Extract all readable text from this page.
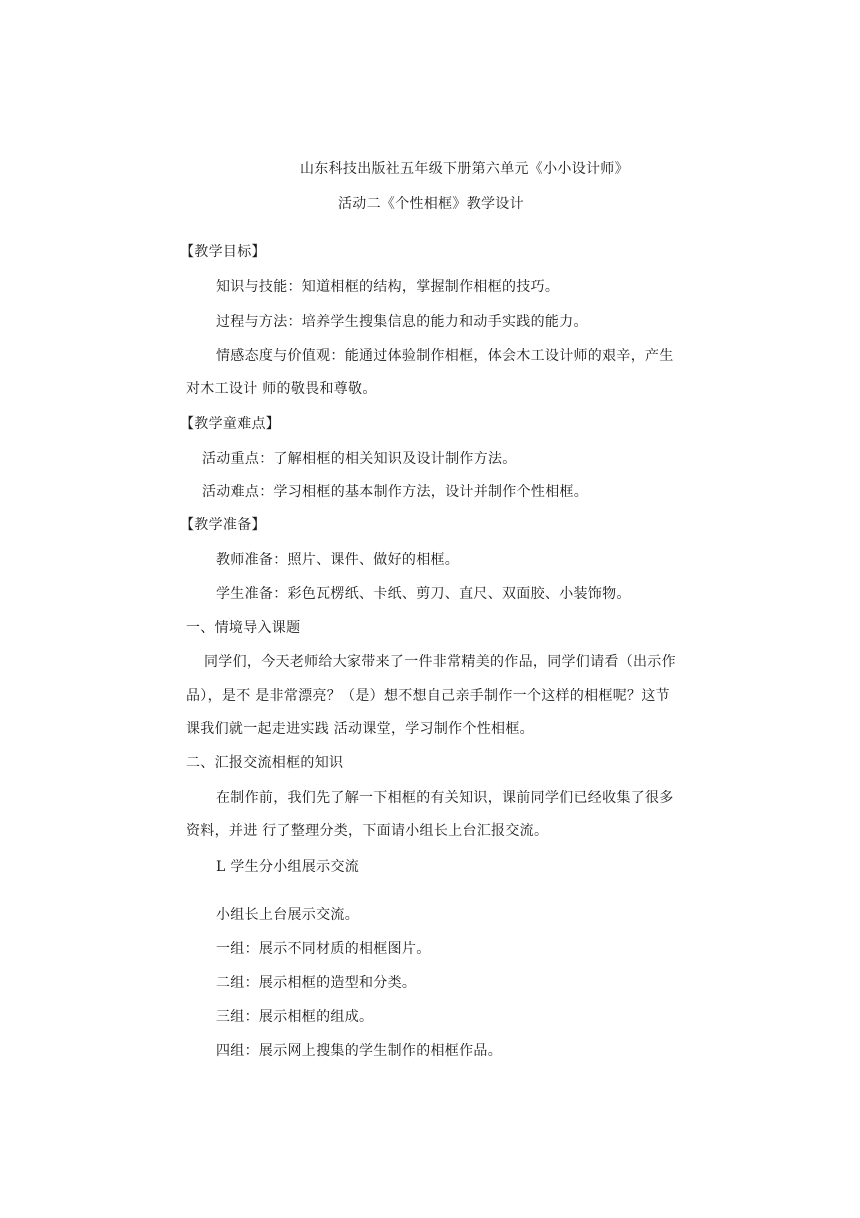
山东科技出版社五年级下册第六单元《小小设计师》
活动二《个性相框》教学设计
【教学目标】
知识与技能：知道相框的结构，掌握制作相框的技巧。
过程与方法：培养学生搜集信息的能力和动手实践的能力。
情感态度与价值观：能通过体验制作相框，体会木工设计师的艰辛，产生
对木工设计 师的敬畏和尊敬。
【教学童难点】
活动重点：了解相框的相关知识及设计制作方法。
活动难点：学习相框的基本制作方法，设计并制作个性相框。
【教学准备】
教师准备：照片、课件、做好的相框。
学生准备：彩色瓦楞纸、卡纸、剪刀、直尺、双面胶、小装饰物。
一、情境导入课题
同学们，今天老师给大家带来了一件非常精美的作品，同学们请看（出示作
品），是不 是非常漂亮？（是）想不想自己亲手制作一个这样的相框呢？这节
课我们就一起走进实践 活动课堂，学习制作个性相框。
二、汇报交流相框的知识
在制作前，我们先了解一下相框的有关知识，课前同学们已经收集了很多
资料，并进 行了整理分类，下面请小组长上台汇报交流。
L 学生分小组展示交流
小组长上台展示交流。
一组：展示不同材质的相框图片。
二组：展示相框的造型和分类。
三组：展示相框的组成。
四组：展示网上搜集的学生制作的相框作品。
